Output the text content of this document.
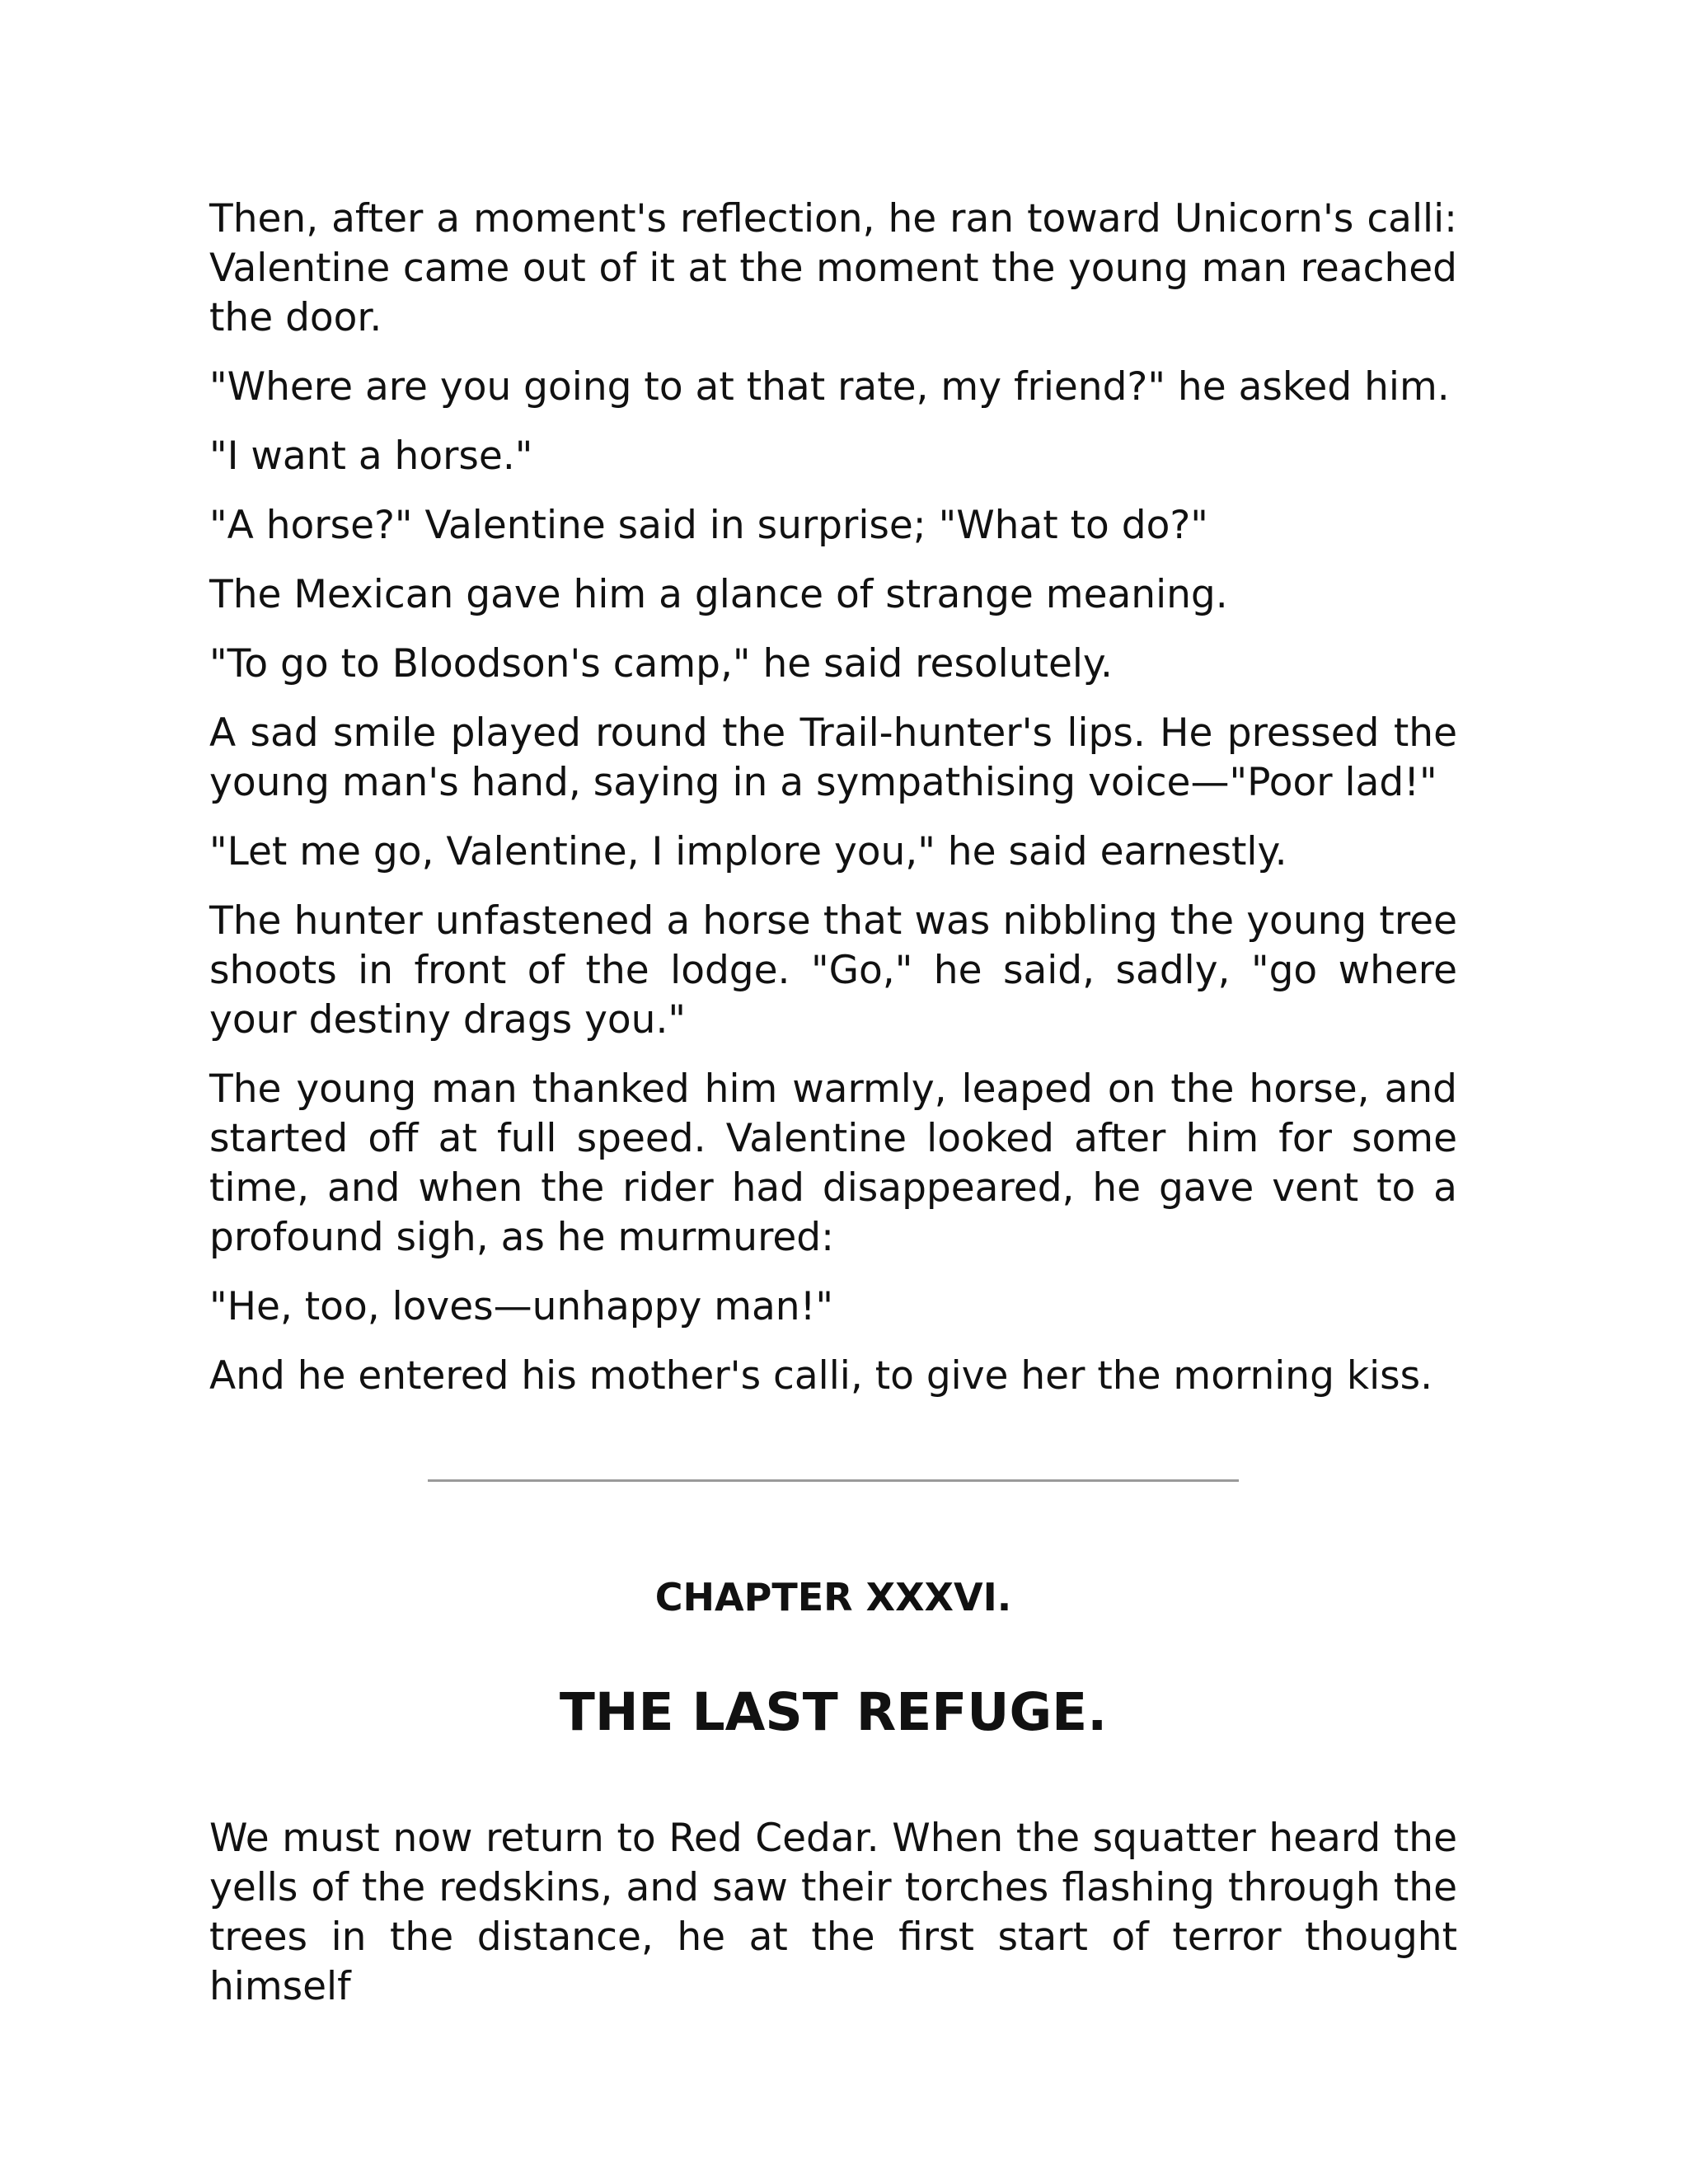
Then, after a moment's reflection, he ran toward Unicorn's calli: Valentine came out of it at the moment the young man reached the door.

"Where are you going to at that rate, my friend?" he asked him.

"I want a horse."

"A horse?" Valentine said in surprise; "What to do?"

The Mexican gave him a glance of strange meaning.

"To go to Bloodson's camp," he said resolutely.

A sad smile played round the Trail-hunter's lips. He pressed the young man's hand, saying in a sympathising voice—"Poor lad!"

"Let me go, Valentine, I implore you," he said earnestly.

The hunter unfastened a horse that was nibbling the young tree shoots in front of the lodge. "Go," he said, sadly, "go where your destiny drags you."

The young man thanked him warmly, leaped on the horse, and started off at full speed. Valentine looked after him for some time, and when the rider had disappeared, he gave vent to a profound sigh, as he murmured:

"He, too, loves—unhappy man!"

And he entered his mother's calli, to give her the morning kiss.

CHAPTER XXXVI.
THE LAST REFUGE.

We must now return to Red Cedar. When the squatter heard the yells of the redskins, and saw their torches flashing through the trees in the distance, he at the first start of terror thought himself
